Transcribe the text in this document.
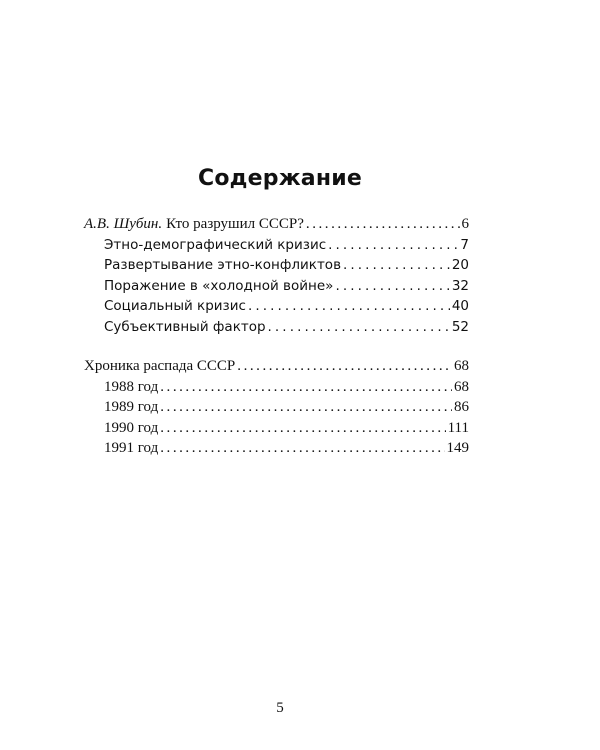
Содержание
А.В. Шубин. Кто разрушил СССР? . . .	6
Этно-демографический кризис . . .	7
Развертывание этно-конфликтов . . .	20
Поражение в «холодной войне» . . .	32
Социальный кризис . . .	40
Субъективный фактор . . .	52
Хроника распада СССР . . .	68
1988 год . . .	68
1989 год . . .	86
1990 год . . .	111
1991 год . . .	149
5
